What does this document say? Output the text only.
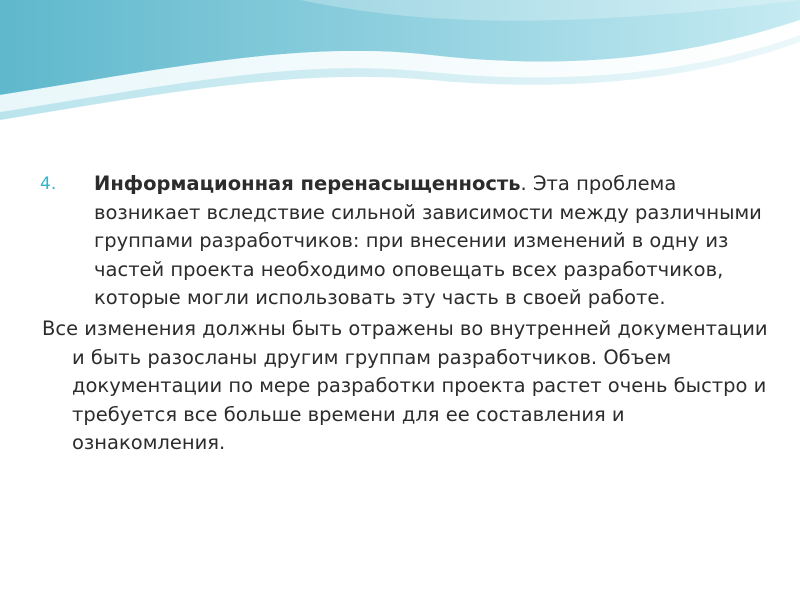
4.	Информационная перенасыщенность. Эта проблема возникает вследствие сильной зависимости между различными группами разработчиков: при внесении изменений в одну из частей проекта необходимо оповещать всех разработчиков, которые могли использовать эту часть в своей работе.
Все изменения должны быть отражены во внутренней документации и быть разосланы другим группам разработчиков. Объем документации по мере разработки проекта растет очень быстро и требуется все больше времени для ее составления и ознакомления.
